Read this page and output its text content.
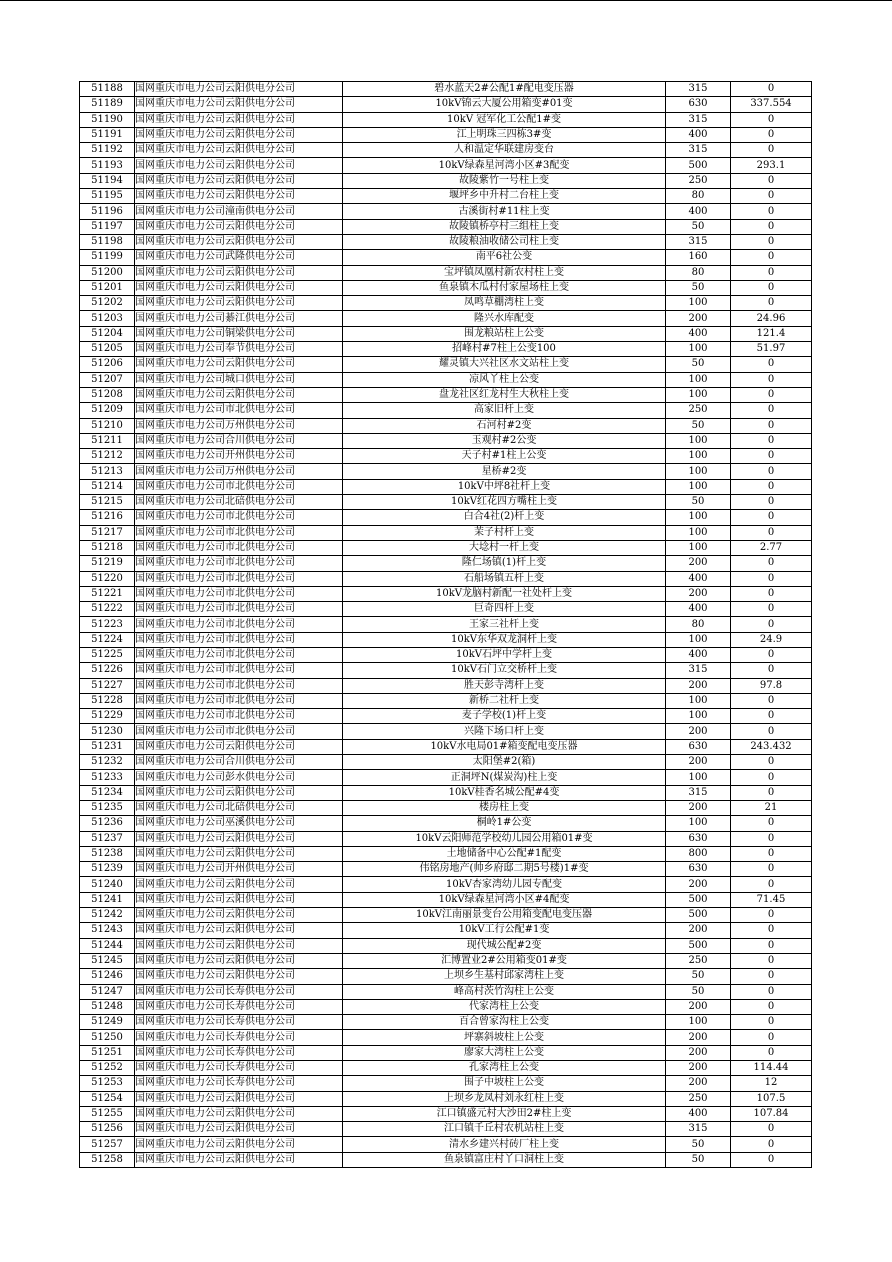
51188	国网重庆市电力公司云阳供电分公司	碧水蓝天2#公配1#配电变压器	315	0
51189	国网重庆市电力公司云阳供电分公司	10kV锦云大厦公用箱变#01变	630	337.554
51190	国网重庆市电力公司云阳供电分公司	10kV 冠军化工公配1#变	315	0
51191	国网重庆市电力公司云阳供电分公司	江上明珠三四栋3#变	400	0
51192	国网重庆市电力公司云阳供电分公司	人和温定华联建房变台	315	0
51193	国网重庆市电力公司云阳供电分公司	10kV绿森星河湾小区#3配变	500	293.1
51194	国网重庆市电力公司云阳供电分公司	故陵紫竹一号柱上变	250	0
51195	国网重庆市电力公司云阳供电分公司	堰坪乡中升村二台柱上变	80	0
51196	国网重庆市电力公司潼南供电分公司	古溪街村#11柱上变	400	0
51197	国网重庆市电力公司云阳供电分公司	故陵镇桥亭村三组柱上变	50	0
51198	国网重庆市电力公司云阳供电分公司	故陵粮油收储公司柱上变	315	0
51199	国网重庆市电力公司武隆供电分公司	南平6社公变	160	0
51200	国网重庆市电力公司云阳供电分公司	宝坪镇凤凰村新农村柱上变	80	0
51201	国网重庆市电力公司云阳供电分公司	鱼泉镇木瓜村付家屋场柱上变	50	0
51202	国网重庆市电力公司云阳供电分公司	凤鸣草棚湾柱上变	100	0
51203	国网重庆市电力公司綦江供电分公司	隆兴水库配变	200	24.96
51204	国网重庆市电力公司铜梁供电分公司	围龙粮站柱上公变	400	121.4
51205	国网重庆市电力公司奉节供电分公司	招峰村#7柱上公变100	100	51.97
51206	国网重庆市电力公司云阳供电分公司	耀灵镇大兴社区水文站柱上变	50	0
51207	国网重庆市电力公司城口供电分公司	凉风丫柱上公变	100	0
51208	国网重庆市电力公司云阳供电分公司	盘龙社区红龙村生大秋柱上变	100	0
51209	国网重庆市电力公司市北供电分公司	高家旧杆上变	250	0
51210	国网重庆市电力公司万州供电分公司	石河村#2变	50	0
51211	国网重庆市电力公司合川供电分公司	玉观村#2公变	100	0
51212	国网重庆市电力公司开州供电分公司	天子村#1柱上公变	100	0
51213	国网重庆市电力公司万州供电分公司	星桥#2变	100	0
51214	国网重庆市电力公司市北供电分公司	10kV中坪8社杆上变	100	0
51215	国网重庆市电力公司北碚供电分公司	10kV红花四方嘴柱上变	50	0
51216	国网重庆市电力公司市北供电分公司	白合4社(2)杆上变	100	0
51217	国网重庆市电力公司市北供电分公司	茉子村杆上变	100	0
51218	国网重庆市电力公司市北供电分公司	大埝村一杆上变	100	2.77
51219	国网重庆市电力公司市北供电分公司	隆仁场镇(1)杆上变	200	0
51220	国网重庆市电力公司市北供电分公司	石船场镇五杆上变	400	0
51221	国网重庆市电力公司市北供电分公司	10kV龙脑村新配一社处杆上变	200	0
51222	国网重庆市电力公司市北供电分公司	巨奇四杆上变	400	0
51223	国网重庆市电力公司市北供电分公司	王家三社杆上变	80	0
51224	国网重庆市电力公司市北供电分公司	10kV东华双龙洞杆上变	100	24.9
51225	国网重庆市电力公司市北供电分公司	10kV石坪中学杆上变	400	0
51226	国网重庆市电力公司市北供电分公司	10kV石门立交桥杆上变	315	0
51227	国网重庆市电力公司市北供电分公司	胜天彭寺湾杆上变	200	97.8
51228	国网重庆市电力公司市北供电分公司	新桥二社杆上变	100	0
51229	国网重庆市电力公司市北供电分公司	麦子学校(1)杆上变	100	0
51230	国网重庆市电力公司市北供电分公司	兴隆下场口杆上变	200	0
51231	国网重庆市电力公司云阳供电分公司	10kV水电局01#箱变配电变压器	630	243.432
51232	国网重庆市电力公司合川供电分公司	太阳堡#2(箱)	200	0
51233	国网重庆市电力公司彭水供电分公司	正洞坪N(煤炭沟)柱上变	100	0
51234	国网重庆市电力公司云阳供电分公司	10kV桂香名城公配#4变	315	0
51235	国网重庆市电力公司北碚供电分公司	楼房柱上变	200	21
51236	国网重庆市电力公司巫溪供电分公司	桐岭1#公变	100	0
51237	国网重庆市电力公司云阳供电分公司	10kV云阳师范学校幼儿园公用箱01#变	630	0
51238	国网重庆市电力公司云阳供电分公司	土地储备中心公配#1配变	800	0
51239	国网重庆市电力公司开州供电分公司	伟铭房地产(帅乡府邸二期5号楼)1#变	630	0
51240	国网重庆市电力公司云阳供电分公司	10kV杏家湾幼儿园专配变	200	0
51241	国网重庆市电力公司云阳供电分公司	10kV绿森星河湾小区#4配变	500	71.45
51242	国网重庆市电力公司云阳供电分公司	10kV江南丽景变台公用箱变配电变压器	500	0
51243	国网重庆市电力公司云阳供电分公司	10kV工行公配#1变	200	0
51244	国网重庆市电力公司云阳供电分公司	现代城公配#2变	500	0
51245	国网重庆市电力公司云阳供电分公司	汇博置业2#公用箱变01#变	250	0
51246	国网重庆市电力公司云阳供电分公司	上坝乡生基村邱家湾柱上变	50	0
51247	国网重庆市电力公司长寿供电分公司	峰高村茨竹沟柱上公变	50	0
51248	国网重庆市电力公司长寿供电分公司	代家湾柱上公变	200	0
51249	国网重庆市电力公司长寿供电分公司	百合曾家沟柱上公变	100	0
51250	国网重庆市电力公司长寿供电分公司	坪寨斜坡柱上公变	200	0
51251	国网重庆市电力公司长寿供电分公司	廖家大湾柱上公变	200	0
51252	国网重庆市电力公司长寿供电分公司	孔家湾柱上公变	200	114.44
51253	国网重庆市电力公司长寿供电分公司	围子中坡柱上公变	200	12
51254	国网重庆市电力公司云阳供电分公司	上坝乡龙凤村刘永红柱上变	250	107.5
51255	国网重庆市电力公司云阳供电分公司	江口镇盛元村大沙田2#柱上变	400	107.84
51256	国网重庆市电力公司云阳供电分公司	江口镇千丘村农机站柱上变	315	0
51257	国网重庆市电力公司云阳供电分公司	清水乡建兴村砖厂柱上变	50	0
51258	国网重庆市电力公司云阳供电分公司	鱼泉镇富庄村丫口洞柱上变	50	0
